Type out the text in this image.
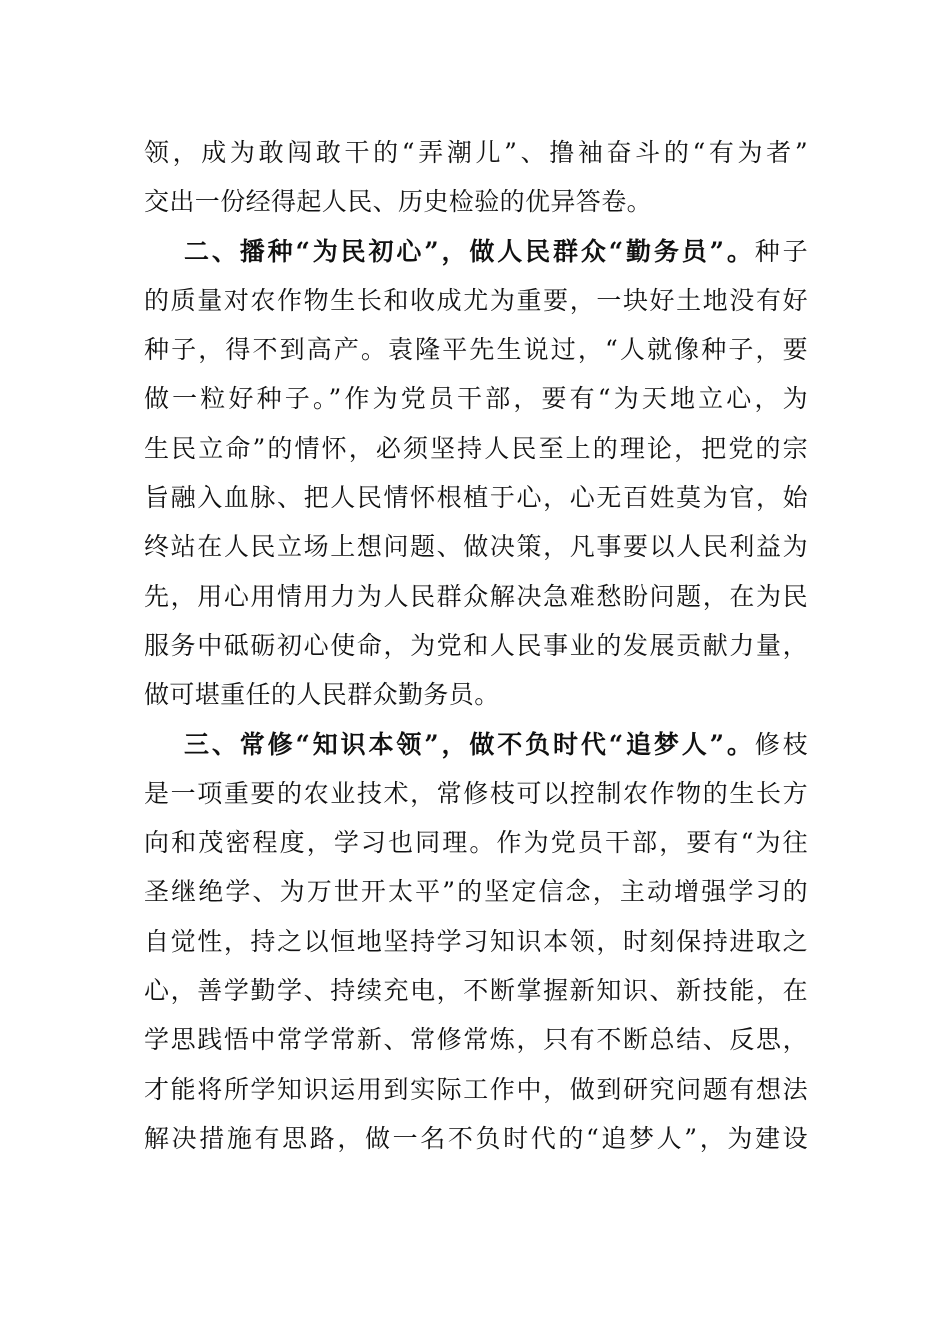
领，成为敢闯敢干的“弄潮儿”、撸袖奋斗的“有为者”
交出一份经得起人民、历史检验的优异答卷。

二、播种“为民初心”，做人民群众“勤务员”。种子
的质量对农作物生长和收成尤为重要，一块好土地没有好
种子，得不到高产。袁隆平先生说过，“人就像种子，要
做一粒好种子。”作为党员干部，要有“为天地立心，为
生民立命”的情怀，必须坚持人民至上的理论，把党的宗
旨融入血脉、把人民情怀根植于心，心无百姓莫为官，始
终站在人民立场上想问题、做决策，凡事要以人民利益为
先，用心用情用力为人民群众解决急难愁盼问题，在为民
服务中砥砺初心使命，为党和人民事业的发展贡献力量，
做可堪重任的人民群众勤务员。

三、常修“知识本领”，做不负时代“追梦人”。修枝
是一项重要的农业技术，常修枝可以控制农作物的生长方
向和茂密程度，学习也同理。作为党员干部，要有“为往
圣继绝学、为万世开太平”的坚定信念，主动增强学习的
自觉性，持之以恒地坚持学习知识本领，时刻保持进取之
心，善学勤学、持续充电，不断掌握新知识、新技能，在
学思践悟中常学常新、常修常炼，只有不断总结、反思，
才能将所学知识运用到实际工作中，做到研究问题有想法
解决措施有思路，做一名不负时代的“追梦人”，为建设
